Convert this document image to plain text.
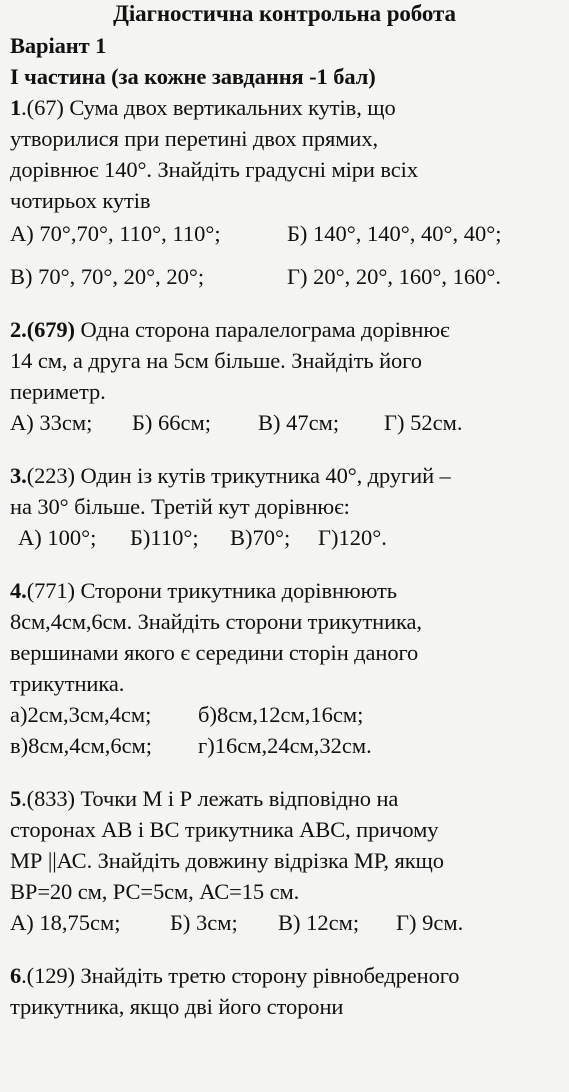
Діагностична контрольна робота
Варіант 1
І частина (за кожне завдання -1 бал)
1.(67) Сума двох вертикальних кутів, що
утворилися при перетині двох прямих,
дорівнює 140°. Знайдіть градусні міри всіх
чотирьох кутів
А) 70°,70°, 110°, 110°;	Б) 140°, 140°, 40°, 40°;
В) 70°, 70°, 20°, 20°;	Г) 20°, 20°, 160°, 160°.
2.(679) Одна сторона паралелограма дорівнює
14 см, а друга на 5см більше. Знайдіть його
периметр.
А) 33см; Б) 66см; В) 47см; Г) 52см.
3.(223) Один із кутів трикутника 40°, другий –
на 30° більше. Третій кут дорівнює:
А) 100°; Б)110°; В)70°; Г)120°.
4.(771) Сторони трикутника дорівнюють
8см,4см,6см. Знайдіть сторони трикутника,
вершинами якого є середини сторін даного
трикутника.
а)2см,3см,4см; б)8см,12см,16см;
в)8см,4см,6см; г)16см,24см,32см.
5.(833) Точки М і Р лежать відповідно на
сторонах АВ і ВС трикутника АВС, причому
МР ||АС. Знайдіть довжину відрізка МР, якщо
ВР=20 см, РС=5см, АС=15 см.
А) 18,75см; Б) 3см; В) 12см; Г) 9см.
6.(129) Знайдіть третю сторону рівнобедреного
трикутника, якщо дві його сторони
